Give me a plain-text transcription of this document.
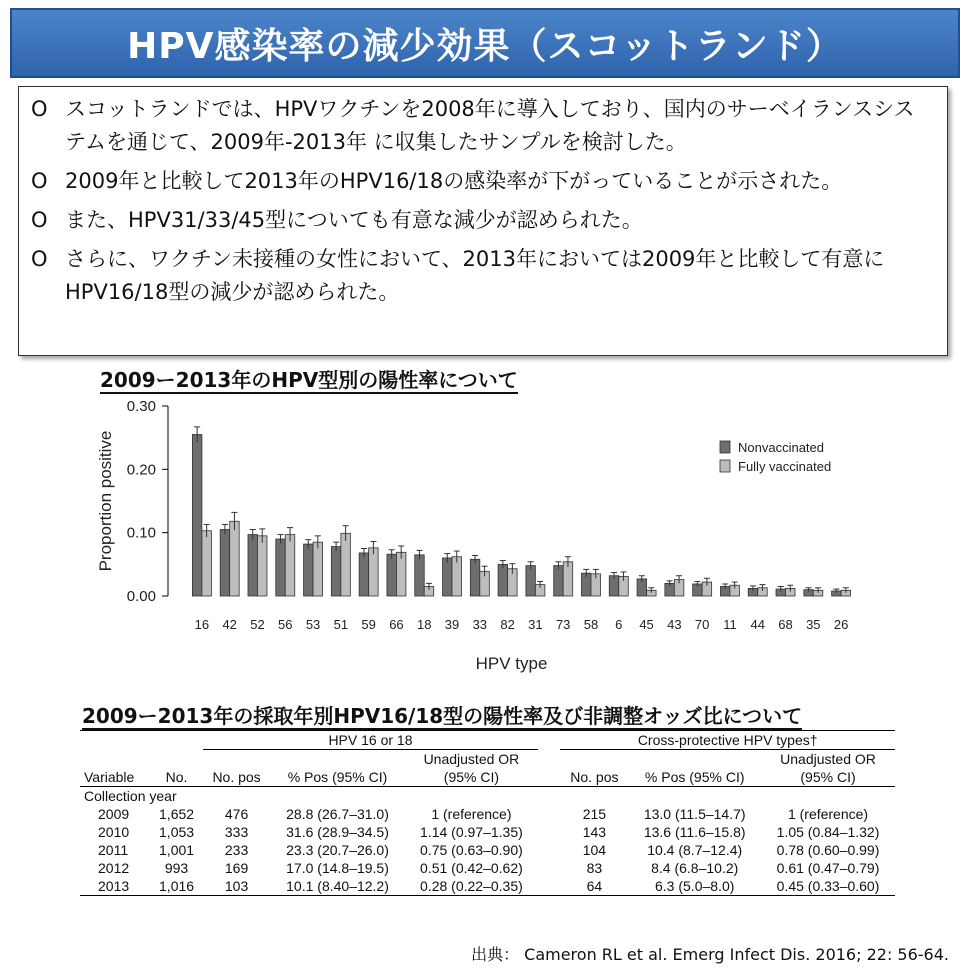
HPV感染率の減少効果（スコットランド）
O スコットランドでは、HPVワクチンを2008年に導入しており、国内のサーベイランスシステムを通じて、2009年-2013年 に収集したサンプルを検討した。
O 2009年と比較して2013年のHPV16/18の感染率が下がっていることが示された。
O また、HPV31/33/45型についても有意な減少が認められた。
O さらに、ワクチン未接種の女性において、2013年においては2009年と比較して有意にHPV16/18型の減少が認められた。
2009ー2013年のHPV型別の陽性率について
0.00
0.10
0.20
0.30
Proportion positive
16 42 52 56 53 51 59 66 18 39 33 82 31 73 58 6 45 43 70 11 44 68 35 26
HPV type
Nonvaccinated
Fully vaccinated
2009ー2013年の採取年別HPV16/18型の陽性率及び非調整オッズ比について
		HPV 16 or 18				Cross-protective HPV types†		
				Unadjusted OR				Unadjusted OR
Variable	No.	No. pos	% Pos (95% CI)	(95% CI)		No. pos	% Pos (95% CI)	(95% CI)
Collection year								
2009	1,652	476	28.8 (26.7–31.0)	1 (reference)		215	13.0 (11.5–14.7)	1 (reference)
2010	1,053	333	31.6 (28.9–34.5)	1.14 (0.97–1.35)		143	13.6 (11.6–15.8)	1.05 (0.84–1.32)
2011	1,001	233	23.3 (20.7–26.0)	0.75 (0.63–0.90)		104	10.4 (8.7–12.4)	0.78 (0.60–0.99)
2012	993	169	17.0 (14.8–19.5)	0.51 (0.42–0.62)		83	8.4 (6.8–10.2)	0.61 (0.47–0.79)
2013	1,016	103	10.1 (8.40–12.2)	0.28 (0.22–0.35)		64	6.3 (5.0–8.0)	0.45 (0.33–0.60)
出典： Cameron RL et al. Emerg Infect Dis. 2016; 22: 56-64.
